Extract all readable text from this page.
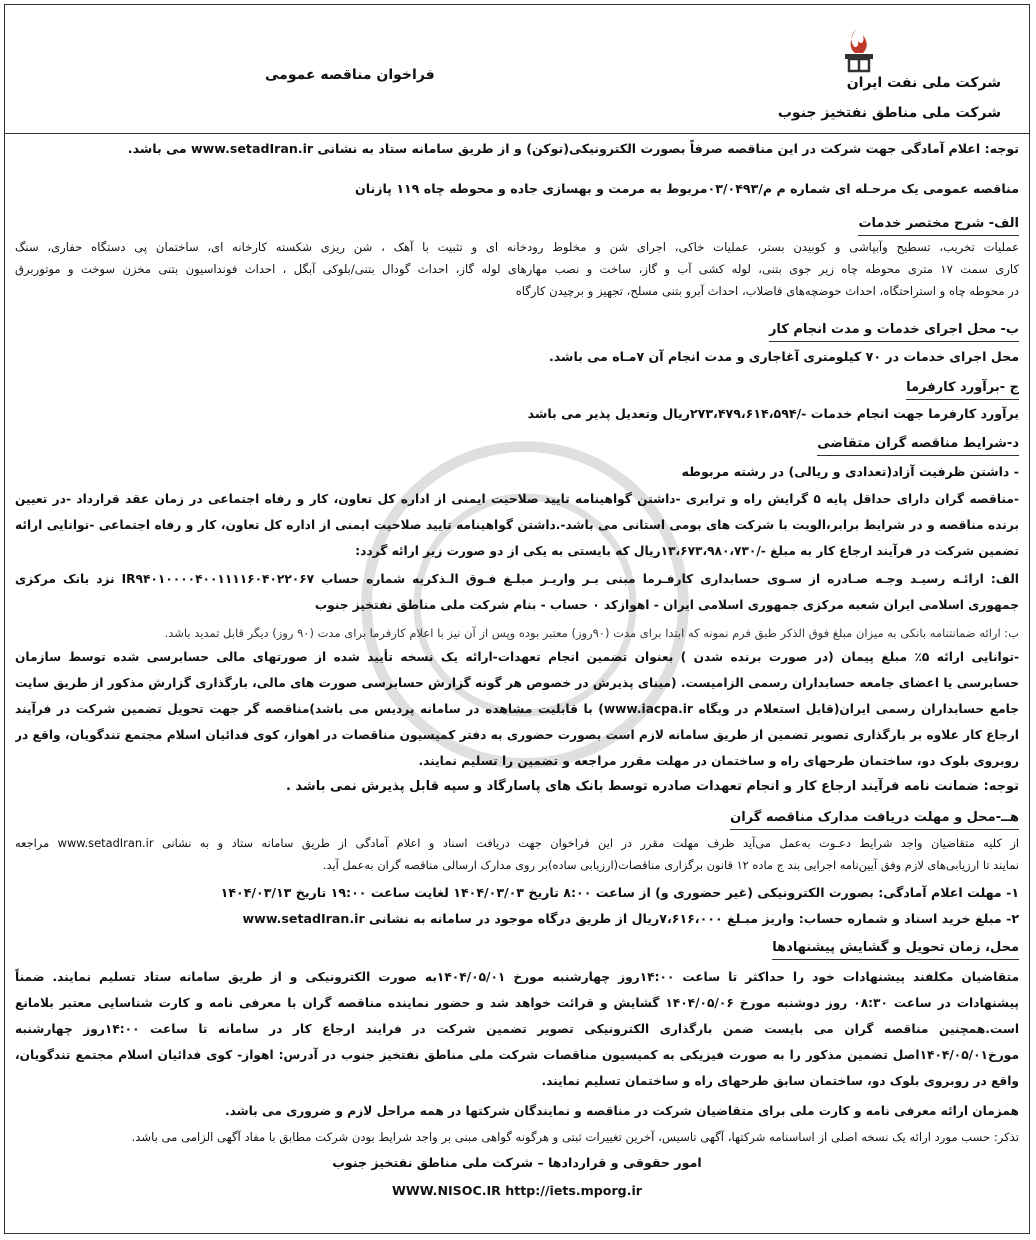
شرکت ملی نفت ایران
شرکت ملی مناطق نفتخیز جنوب
فراخوان مناقصه عمومی
توجه: اعلام آمادگی جهت شرکت در این مناقصه صرفاً بصورت الکترونیکی(توکن) و از طریق سامانه ستاد به نشانی www.setadIran.ir می باشد.
مناقصه عمومی یک مرحـله ای شماره م م/۰۳/۰۴۹۳مربوط به مرمت و بهسازی جاده و محوطه چاه ۱۱۹ پازنان
الف- شرح مختصر خدمات
عملیات تخریب، تسطیح وآبپاشی و کوبیدن بستر، عملیات خاکی، اجرای شن و مخلوط رودخانه ای و تثبیت با آهک ، شن ریزی شکسته کارخانه ای، ساختمان پی دستگاه حفاری، سنگ
کاری سمت ۱۷ متری محوطه چاه زیر جوی بتنی، لوله کشی آب و گاز، ساخت و نصب مهارهای لوله گاز، احداث گودال بتنی/بلوکی آبگل ، احداث فونداسیون بتنی مخزن سوخت و موتوربرق
در محوطه چاه و استراحتگاه، احداث حوضچه‌های فاضلاب، احداث آبرو بتنی مسلح، تجهیز و برچیدن کارگاه
ب- محل اجرای خدمات و مدت انجام کار
محل اجرای خدمات در ۷۰ کیلومتری آغاجاری و مدت انجام آن ۷مـاه می باشد.
ج -برآورد کارفرما
برآورد کارفرما جهت انجام خدمات -/۲۷۳،۴۷۹،۶۱۴،۵۹۴ریال وتعدیل پذیر می باشد
د-شرایط مناقصه گران متقاضی
- داشتن ظرفیت آزاد(تعدادی و ریالی) در رشته مربوطه
-مناقصه گران دارای حداقل پایه ۵ گرایش راه و ترابری -داشتن گواهینامه تایید صلاحیت ایمنی از اداره کل تعاون، کار و رفاه اجتماعی در زمان عقد قرارداد -در تعیین
برنده مناقصه و در شرایط برابر،الویت با شرکت های بومی استانی می باشد-.داشتن گواهینامه تایید صلاحیت ایمنی از اداره کل تعاون، کار و رفاه اجتماعی -توانایی ارائه
تضمین شرکت در فرآیند ارجاع کار به مبلغ -/۱۳،۶۷۳،۹۸۰،۷۳۰ریال که بایستی به یکی از دو صورت زیر ارائه گردد:
الف: ارائـه رسیـد وجـه صـادره از سـوی حسابداری کارفـرما مبنی بـر واریـز مبلـغ فـوق الـذکربه شماره حساب IR۹۴۰۱۰۰۰۰۴۰۰۱۱۱۱۶۰۴۰۲۲۰۶۷ نزد بانک مرکزی
جمهوری اسلامی ایران شعبه مرکزی جمهوری اسلامی ایران - اهوازکد ۰ حساب - بنام شرکت ملی مناطق نفتخیز جنوب
ب: ارائه ضمانتنامه بانکی به میزان مبلغ فوق الذکر طبق فرم نمونه که ابتدا برای مدت (۹۰روز) معتبر بوده وپس از آن نیز با اعلام کارفرما برای مدت (۹۰ روز) دیگر قابل تمدید باشد.
-توانایی ارائه ۵٪ مبلغ پیمان (در صورت برنده شدن ) بعنوان تضمین انجام تعهدات-ارائه یک نسخه تأیید شده از صورتهای مالی حسابرسی شده توسط سازمان
حسابرسی یا اعضای جامعه حسابداران رسمی الزامیست. (مبنای پذیرش در خصوص هر گونه گزارش حسابرسی صورت های مالی، بارگذاری گزارش مذکور از طریق سایت
جامع حسابداران رسمی ایران(قابل استعلام در وبگاه www.iacpa.ir) با قابلیت مشاهده در سامانه پردیس می باشد)مناقصه گر جهت تحویل تضمین شرکت در فرآیند
ارجاع کار علاوه بر بارگذاری تصویر تضمین از طریق سامانه لازم است بصورت حضوری به دفتر کمیسیون مناقصات در اهواز، کوی فدائیان اسلام مجتمع تندگویان، واقع در
روبروی بلوک دو، ساختمان طرحهای راه و ساختمان در مهلت مقرر مراجعه و تضمین را تسلیم نمایند.
توجه: ضمانت نامه فرآیند ارجاع کار و انجام تعهدات صادره توسط بانک های پاسارگاد و سپه قابل پذیرش نمی باشد .
هــ-محل و مهلت دریافت مدارک مناقصه گران
از کلیه متقاضیان واجد شرایط دعـوت به‌عمل می‌آید ظرف مهلت مقرر در این فراخوان جهت دریافت اسناد و اعلام آمادگی از طریق سامانه ستاد و به نشانی www.setadIran.ir مراجعه
نمایند تا ارزیابی‌های لازم وفق آیین‌نامه اجرایی بند ج ماده ۱۲ قانون برگزاری مناقصات(ارزیابی ساده)بر روی مدارک ارسالی مناقصه گران به‌عمل آید.
۱- مهلت اعلام آمادگی: بصورت الکترونیکی (غیر حضوری و) از ساعت ۸:۰۰ تاریخ ۱۴۰۴/۰۳/۰۳ لغایت ساعت ۱۹:۰۰ تاریخ ۱۴۰۴/۰۳/۱۳
۲- مبلغ خرید اسناد و شماره حساب: واریز مبـلغ ۷،۶۱۶،۰۰۰ریال از طریق درگاه موجود در سامانه به نشانی www.setadIran.ir
محل، زمان تحویل و گشایش پیشنهادها
متقاضیان مکلفند پیشنهادات خود را حداکثر تا ساعت ۱۴:۰۰روز چهارشنبه مورخ ۱۴۰۴/۰۵/۰۱به صورت الکترونیکی و از طریق سامانه ستاد تسلیم نمایند. ضمناً
پیشنهادات در ساعت ۰۸:۳۰ روز دوشنبه مورخ ۱۴۰۴/۰۵/۰۶ گشایش و قرائت خواهد شد و حضور نماینده مناقصه گران با معرفی نامه و کارت شناسایی معتبر بلامانع
است.همچنین مناقصه گران می بایست ضمن بارگذاری الکترونیکی تصویر تضمین شرکت در فرایند ارجاع کار در سامانه تا ساعت ۱۴:۰۰روز چهارشنبه
مورخ۱۴۰۴/۰۵/۰۱اصل تضمین مذکور را به صورت فیزیکی به کمیسیون مناقصات شرکت ملی مناطق نفتخیز جنوب در آدرس: اهواز- کوی فدائیان اسلام مجتمع تندگویان،
واقع در روبروی بلوک دو، ساختمان سابق طرحهای راه و ساختمان تسلیم نمایند.
همزمان ارائه معرفی نامه و کارت ملی برای متقاضیان شرکت در مناقصه و نمایندگان شرکتها در همه مراحل لازم و ضروری می باشد.
تذکر: حسب مورد ارائه یک نسخه اصلی از اساسنامه شرکتها، آگهی تاسیس، آخرین تغییرات ثبتی و هرگونه گواهی مبنی بر واجد شرایط بودن شرکت مطابق با مفاد آگهی الزامی می باشد.
امور حقوقی و قراردادها – شرکت ملی مناطق نفتخیز جنوب
WWW.NISOC.IR http://iets.mporg.ir
